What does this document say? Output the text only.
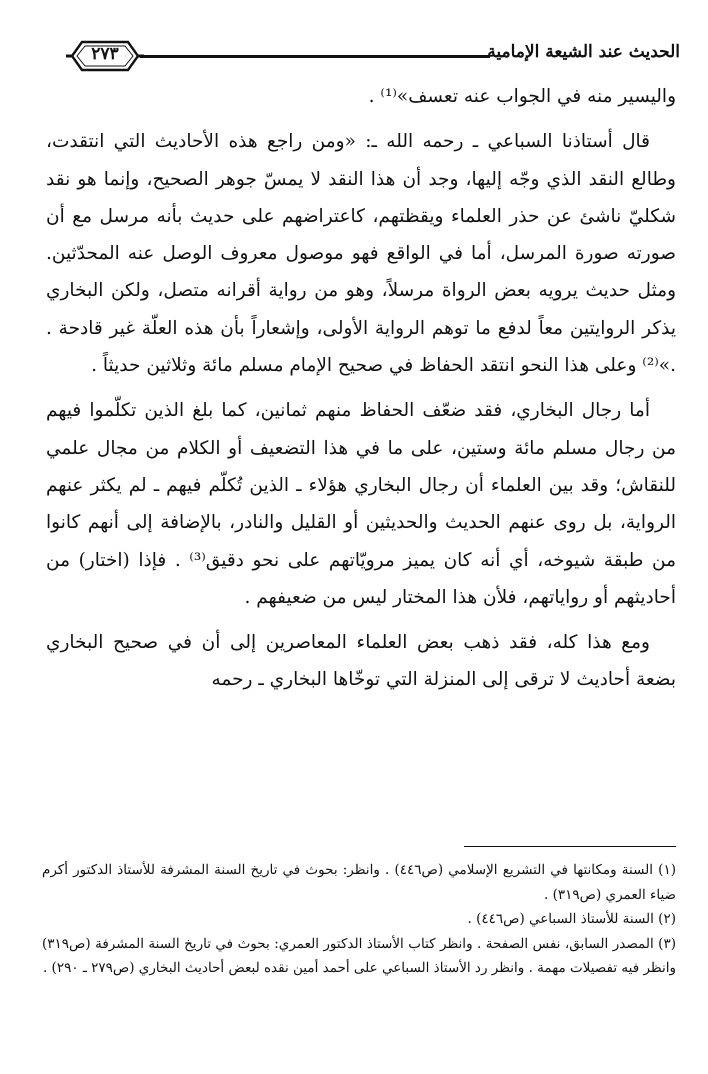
الحديث عند الشيعة الإمامية
٢٧٣

واليسير منه في الجواب عنه تعسف»⁽¹⁾ .

قال أستاذنا السباعي ـ رحمه الله ـ: «ومن راجع هذه الأحاديث التي انتقدت، وطالع النقد الذي وجّه إليها، وجد أن هذا النقد لا يمسّ جوهر الصحيح، وإنما هو نقد شكليّ ناشئ عن حذر العلماء ويقظتهم، كاعتراضهم على حديث بأنه مرسل مع أن صورته صورة المرسل، أما في الواقع فهو موصول معروف الوصل عنه المحدّثين. ومثل حديث يرويه بعض الرواة مرسلاً، وهو من رواية أقرانه متصل، ولكن البخاري يذكر الروايتين معاً لدفع ما توهم الرواية الأولى، وإشعاراً بأن هذه العلّة غير قادحة . .»⁽²⁾ وعلى هذا النحو انتقد الحفاظ في صحيح الإمام مسلم مائة وثلاثين حديثاً .

أما رجال البخاري، فقد ضعّف الحفاظ منهم ثمانين، كما بلغ الذين تكلّموا فيهم من رجال مسلم مائة وستين، على ما في هذا التضعيف أو الكلام من مجال علمي للنقاش؛ وقد بين العلماء أن رجال البخاري هؤلاء ـ الذين تُكلّم فيهم ـ لم يكثر عنهم الرواية، بل روى عنهم الحديث والحديثين أو القليل والنادر، بالإضافة إلى أنهم كانوا من طبقة شيوخه، أي أنه كان يميز مرويّاتهم على نحو دقيق⁽³⁾ . فإذا (اختار) من أحاديثهم أو رواياتهم، فلأن هذا المختار ليس من ضعيفهم .

ومع هذا كله، فقد ذهب بعض العلماء المعاصرين إلى أن في صحيح البخاري بضعة أحاديث لا ترقى إلى المنزلة التي توخّاها البخاري ـ رحمه

(١) السنة ومكانتها في التشريع الإسلامي (ص٤٤٦) . وانظر: بحوث في تاريخ السنة المشرفة للأستاذ الدكتور أكرم ضياء العمري (ص٣١٩) .
(٢) السنة للأستاذ السباعي (ص٤٤٦) .
(٣) المصدر السابق، نفس الصفحة . وانظر كتاب الأستاذ الدكتور العمري: بحوث في تاريخ السنة المشرفة (ص٣١٩) وانظر فيه تفصيلات مهمة . وانظر رد الأستاذ السباعي على أحمد أمين نقده لبعض أحاديث البخاري (ص٢٧٩ ـ ٢٩٠) .
